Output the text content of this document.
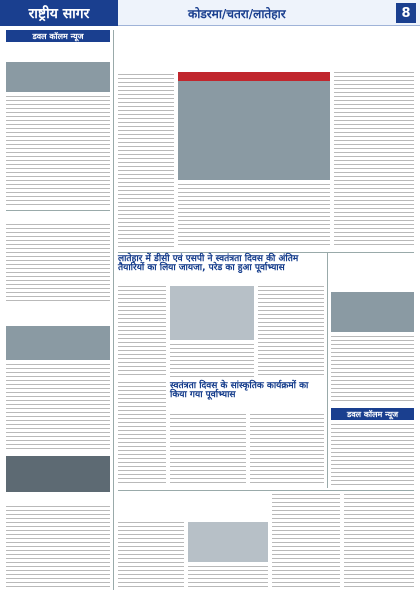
राष्ट्रीय सागर	कोडरमा/चतरा/लातेहार	8
डवल कॉलम न्यूज
लातेहार में डीसी एवं एसपी ने स्वतंत्रता दिवस की अंतिम तैयारियों का लिया जायजा, परेड का हुआ पूर्वाभ्यास
स्वतंत्रता दिवस के सांस्कृतिक कार्यक्रमों का किया गया पूर्वाभ्यास
डवल कॉलम न्यूज
